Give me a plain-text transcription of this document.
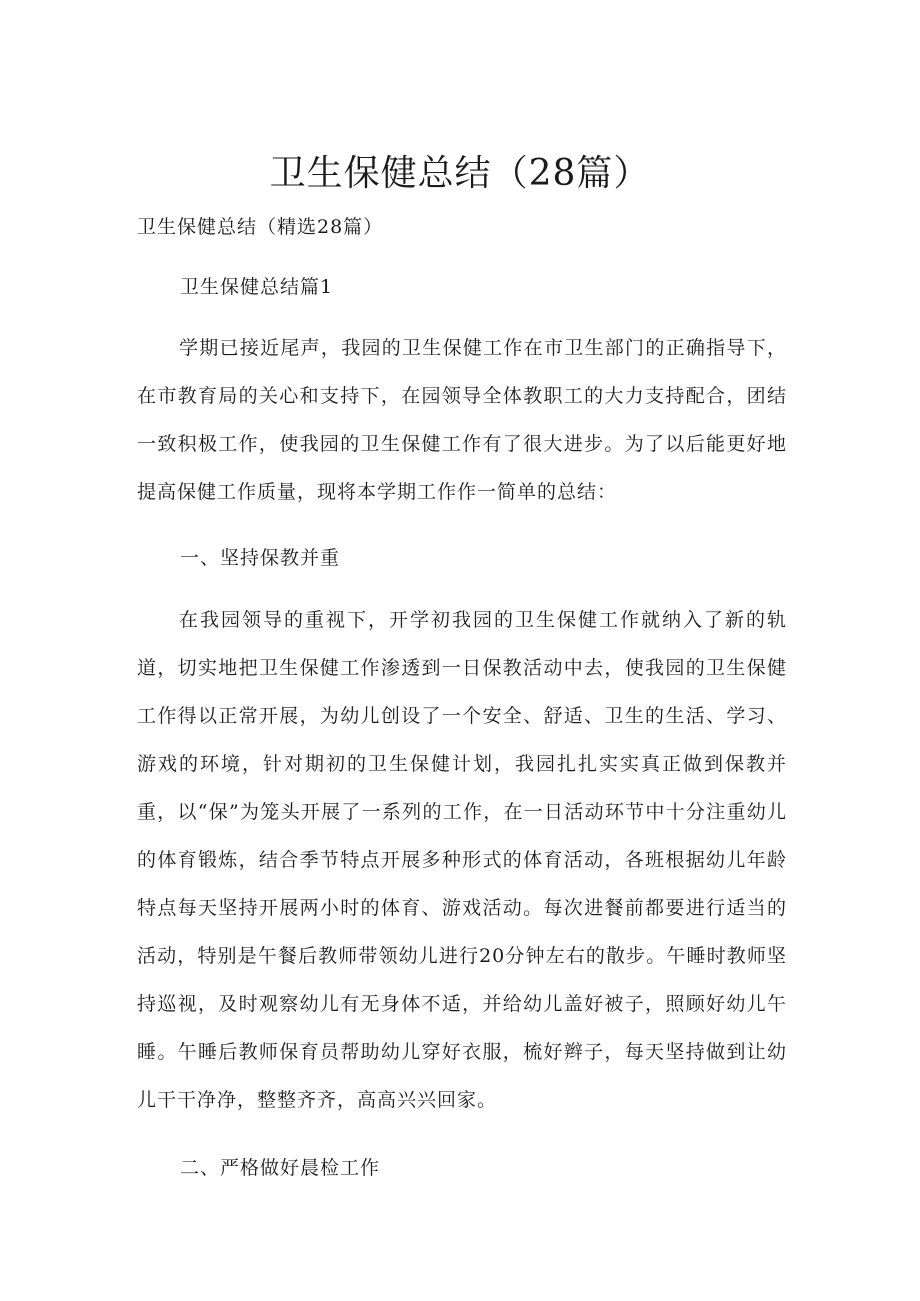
卫生保健总结（28篇）
卫生保健总结（精选28篇）
卫生保健总结篇1

学期已接近尾声，我园的卫生保健工作在市卫生部门的正确指导下，在市教育局的关心和支持下，在园领导全体教职工的大力支持配合，团结一致积极工作，使我园的卫生保健工作有了很大进步。为了以后能更好地提高保健工作质量，现将本学期工作作一简单的总结：

一、坚持保教并重

在我园领导的重视下，开学初我园的卫生保健工作就纳入了新的轨道，切实地把卫生保健工作渗透到一日保教活动中去，使我园的卫生保健工作得以正常开展，为幼儿创设了一个安全、舒适、卫生的生活、学习、游戏的环境，针对期初的卫生保健计划，我园扎扎实实真正做到保教并重，以“保”为笼头开展了一系列的工作，在一日活动环节中十分注重幼儿的体育锻炼，结合季节特点开展多种形式的体育活动，各班根据幼儿年龄特点每天坚持开展两小时的体育、游戏活动。每次进餐前都要进行适当的活动，特别是午餐后教师带领幼儿进行20分钟左右的散步。午睡时教师坚持巡视，及时观察幼儿有无身体不适，并给幼儿盖好被子，照顾好幼儿午睡。午睡后教师保育员帮助幼儿穿好衣服，梳好辫子，每天坚持做到让幼儿干干净净，整整齐齐，高高兴兴回家。

二、严格做好晨检工作
